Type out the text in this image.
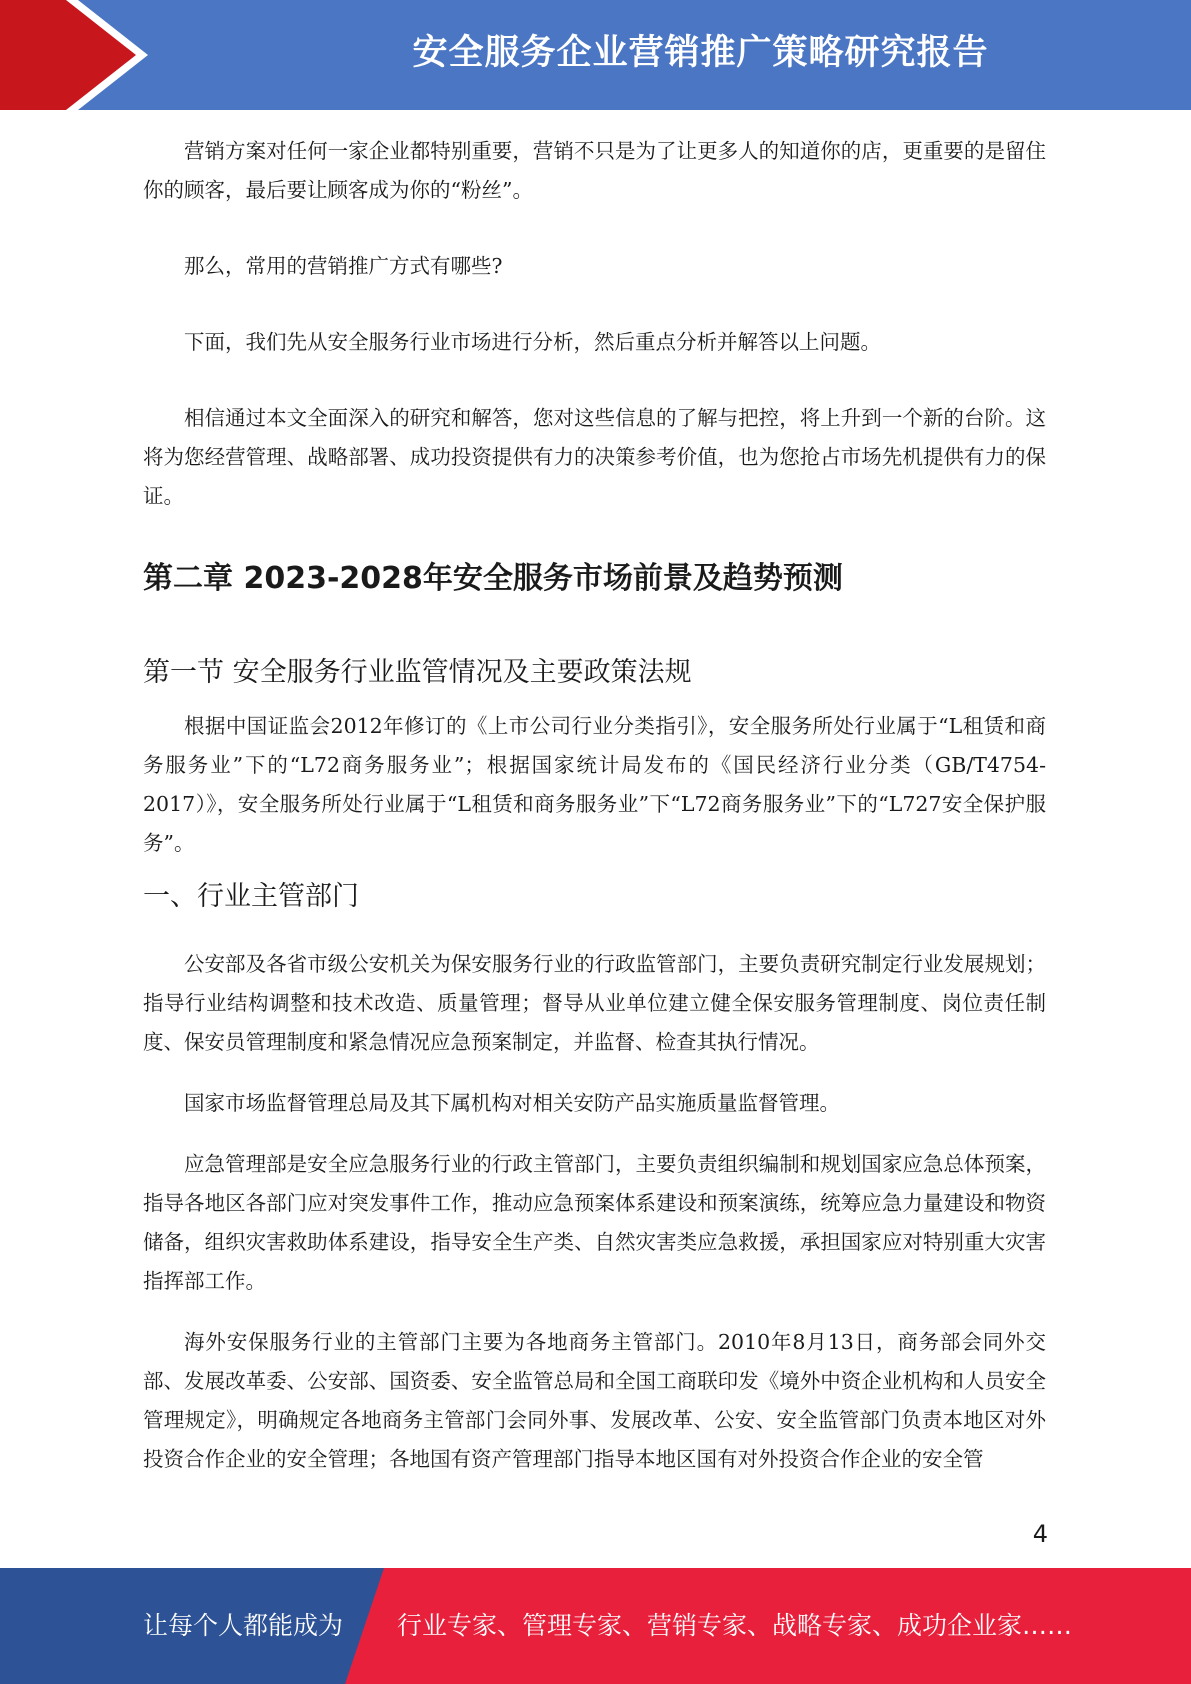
安全服务企业营销推广策略研究报告

营销方案对任何一家企业都特别重要，营销不只是为了让更多人的知道你的店，更重要的是留住你的顾客，最后要让顾客成为你的“粉丝”。

那么，常用的营销推广方式有哪些?

下面，我们先从安全服务行业市场进行分析，然后重点分析并解答以上问题。

相信通过本文全面深入的研究和解答，您对这些信息的了解与把控，将上升到一个新的台阶。这将为您经营管理、战略部署、成功投资提供有力的决策参考价值，也为您抢占市场先机提供有力的保证。

第二章 2023-2028年安全服务市场前景及趋势预测
第一节 安全服务行业监管情况及主要政策法规

根据中国证监会2012年修订的《上市公司行业分类指引》，安全服务所处行业属于“L租赁和商务服务业”下的“L72商务服务业”；根据国家统计局发布的《国民经济行业分类（GB/T4754-2017）》，安全服务所处行业属于“L租赁和商务服务业”下“L72商务服务业”下的“L727安全保护服务”。

一、行业主管部门

公安部及各省市级公安机关为保安服务行业的行政监管部门，主要负责研究制定行业发展规划；指导行业结构调整和技术改造、质量管理；督导从业单位建立健全保安服务管理制度、岗位责任制度、保安员管理制度和紧急情况应急预案制定，并监督、检查其执行情况。

国家市场监督管理总局及其下属机构对相关安防产品实施质量监督管理。

应急管理部是安全应急服务行业的行政主管部门，主要负责组织编制和规划国家应急总体预案，指导各地区各部门应对突发事件工作，推动应急预案体系建设和预案演练，统筹应急力量建设和物资储备，组织灾害救助体系建设，指导安全生产类、自然灾害类应急救援，承担国家应对特别重大灾害指挥部工作。

海外安保服务行业的主管部门主要为各地商务主管部门。2010年8月13日，商务部会同外交部、发展改革委、公安部、国资委、安全监管总局和全国工商联印发《境外中资企业机构和人员安全管理规定》，明确规定各地商务主管部门会同外事、发展改革、公安、安全监管部门负责本地区对外投资合作企业的安全管理；各地国有资产管理部门指导本地区国有对外投资合作企业的安全管

4
让每个人都能成为 行业专家、管理专家、营销专家、战略专家、成功企业家……
